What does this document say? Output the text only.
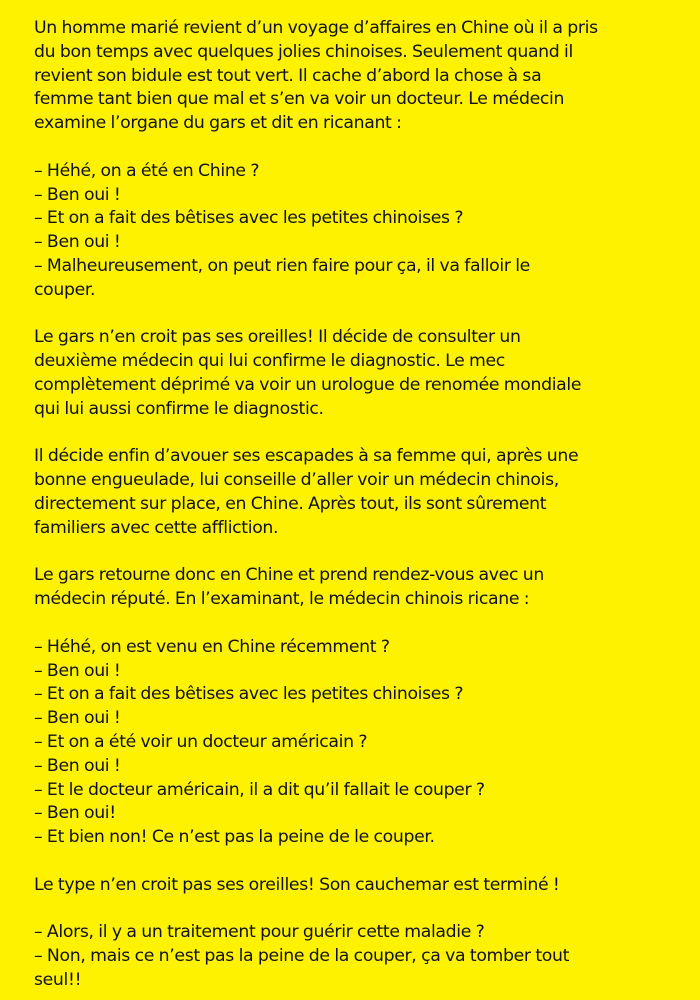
Un homme marié revient d’un voyage d’affaires en Chine où il a pris
du bon temps avec quelques jolies chinoises. Seulement quand il
revient son bidule est tout vert. Il cache d’abord la chose à sa
femme tant bien que mal et s’en va voir un docteur. Le médecin
examine l’organe du gars et dit en ricanant :

– Héhé, on a été en Chine ?
– Ben oui !
– Et on a fait des bêtises avec les petites chinoises ?
– Ben oui !
– Malheureusement, on peut rien faire pour ça, il va falloir le
couper.

Le gars n’en croit pas ses oreilles! Il décide de consulter un
deuxième médecin qui lui confirme le diagnostic. Le mec
complètement déprimé va voir un urologue de renomée mondiale
qui lui aussi confirme le diagnostic.

Il décide enfin d’avouer ses escapades à sa femme qui, après une
bonne engueulade, lui conseille d’aller voir un médecin chinois,
directement sur place, en Chine. Après tout, ils sont sûrement
familiers avec cette affliction.

Le gars retourne donc en Chine et prend rendez-vous avec un
médecin réputé. En l’examinant, le médecin chinois ricane :

– Héhé, on est venu en Chine récemment ?
– Ben oui !
– Et on a fait des bêtises avec les petites chinoises ?
– Ben oui !
– Et on a été voir un docteur américain ?
– Ben oui !
– Et le docteur américain, il a dit qu’il fallait le couper ?
– Ben oui!
– Et bien non! Ce n’est pas la peine de le couper.

Le type n’en croit pas ses oreilles! Son cauchemar est terminé !

– Alors, il y a un traitement pour guérir cette maladie ?
– Non, mais ce n’est pas la peine de la couper, ça va tomber tout
seul!!
